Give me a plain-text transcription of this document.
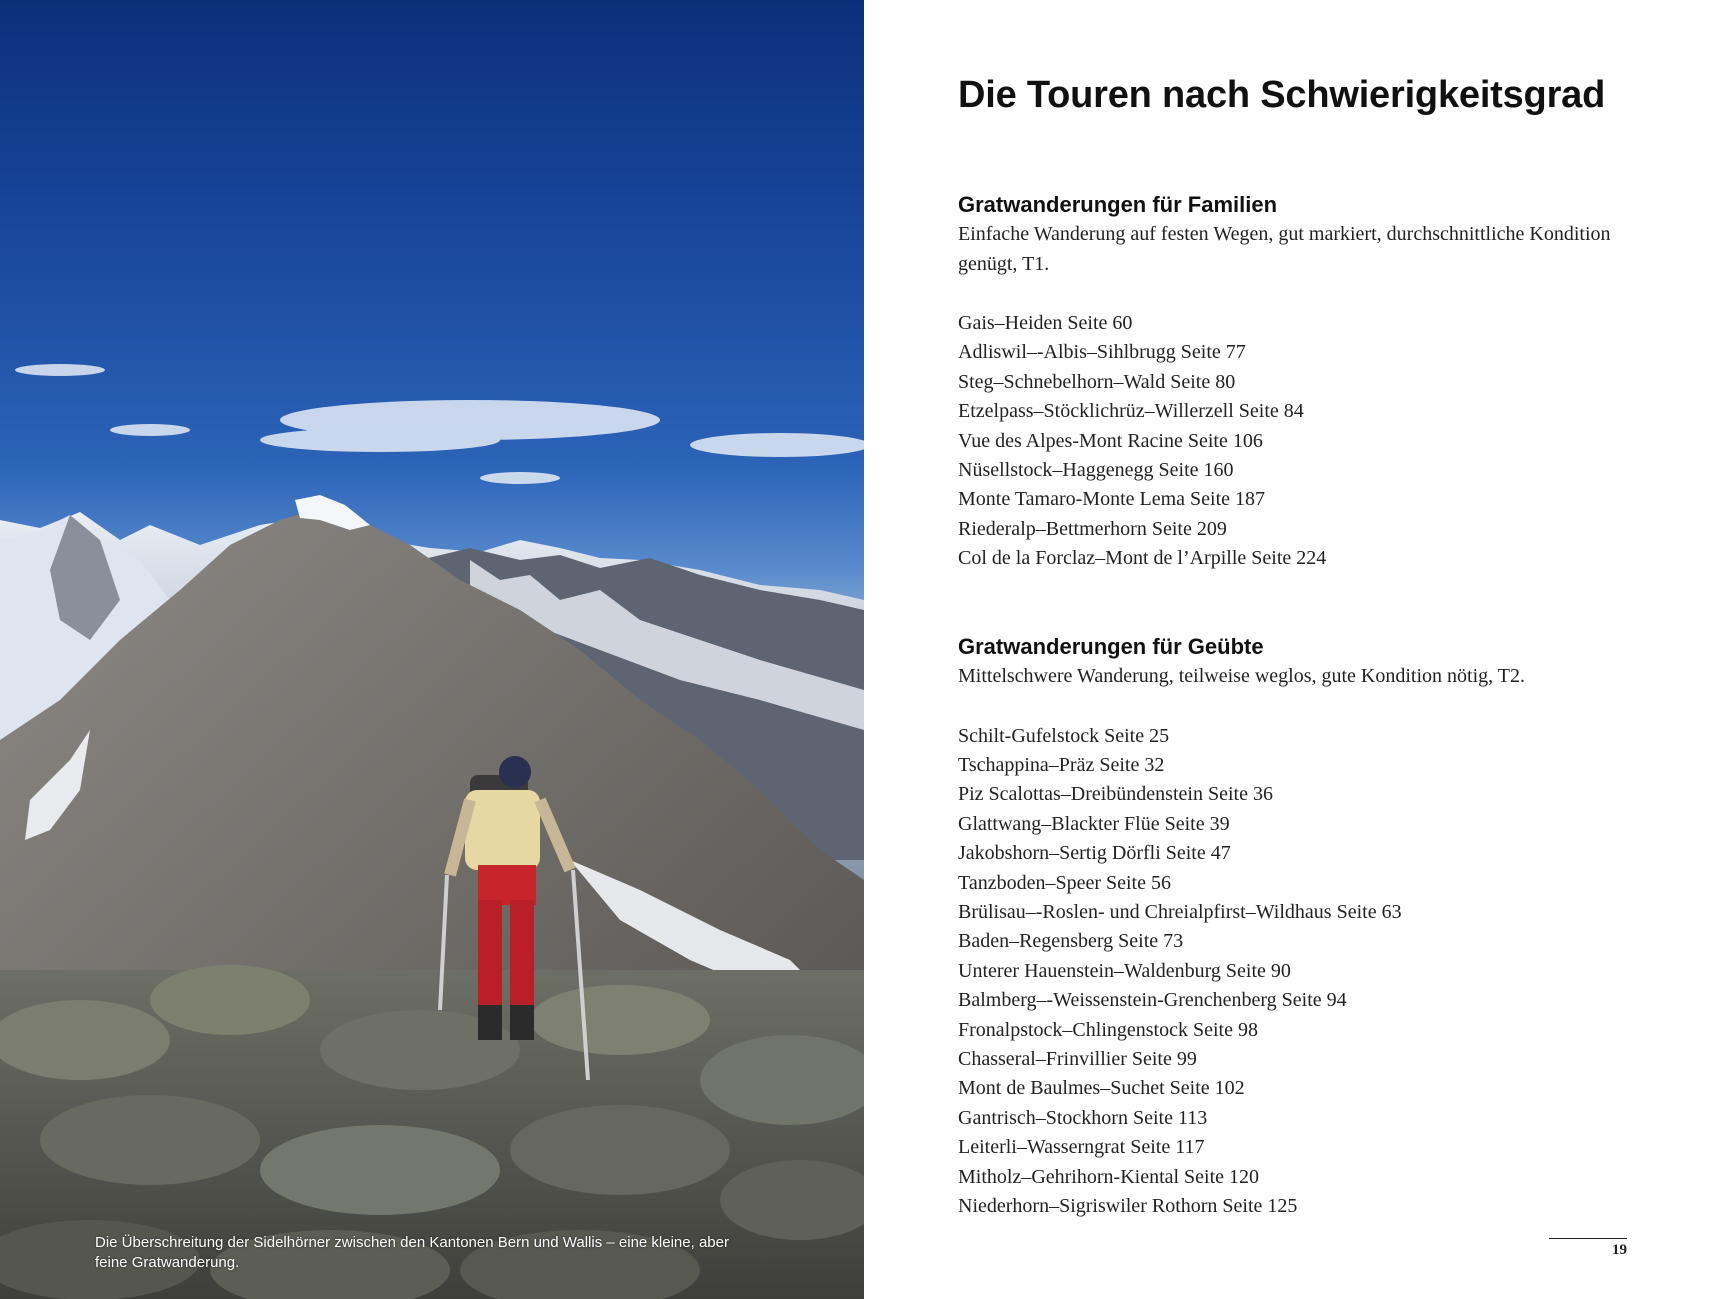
Die Überschreitung der Sidelhörner zwischen den Kantonen Bern und Wallis – eine kleine, aber feine Gratwanderung.
Die Touren nach Schwierigkeitsgrad
Gratwanderungen für Familien

Einfache Wanderung auf festen Wegen, gut markiert, durchschnittliche Kondition genügt, T1.

Gais–Heiden Seite 60
Adliswil–-Albis–Sihlbrugg Seite 77
Steg–Schnebelhorn–Wald Seite 80
Etzelpass–Stöcklichrüz–Willerzell Seite 84
Vue des Alpes-Mont Racine Seite 106
Nüsellstock–Haggenegg Seite 160
Monte Tamaro-Monte Lema Seite 187
Riederalp–Bettmerhorn Seite 209
Col de la Forclaz–Mont de l’Arpille Seite 224
Gratwanderungen für Geübte

Mittelschwere Wanderung, teilweise weglos, gute Kondition nötig, T2.

Schilt-Gufelstock Seite 25
Tschappina–Präz Seite 32
Piz Scalottas–Dreibündenstein Seite 36
Glattwang–Blackter Flüe Seite 39
Jakobshorn–Sertig Dörfli Seite 47
Tanzboden–Speer Seite 56
Brülisau–-Roslen- und Chreialpfirst–Wildhaus Seite 63
Baden–Regensberg Seite 73
Unterer Hauenstein–Waldenburg Seite 90
Balmberg–-Weissenstein-Grenchenberg Seite 94
Fronalpstock–Chlingenstock Seite 98
Chasseral–Frinvillier Seite 99
Mont de Baulmes–Suchet Seite 102
Gantrisch–Stockhorn Seite 113
Leiterli–Wasserngrat Seite 117
Mitholz–Gehrihorn-Kiental Seite 120
Niederhorn–Sigriswiler Rothorn Seite 125
19
